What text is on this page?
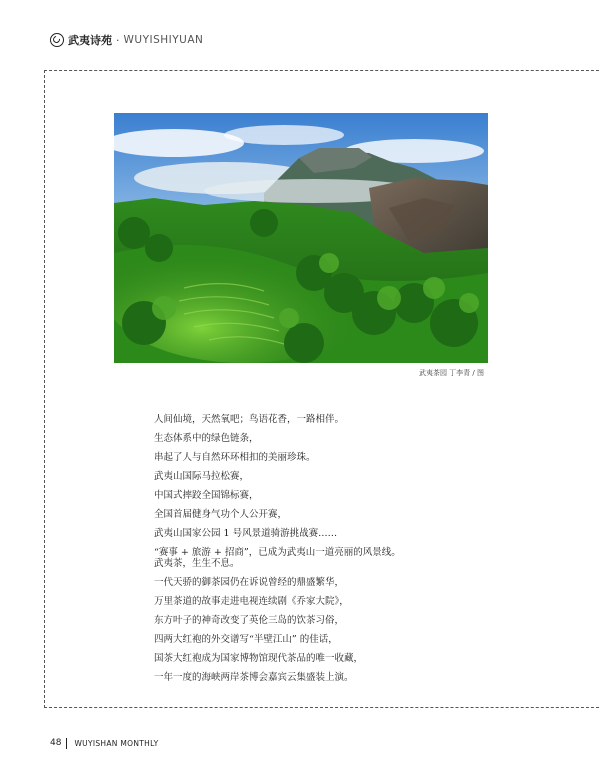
武夷诗苑 · WUYISHIYUAN
武夷茶园 丁李青 / 图
人间仙境，天然氧吧；鸟语花香，一路相伴。
生态体系中的绿色链条，
串起了人与自然环环相扣的美丽珍珠。
武夷山国际马拉松赛，
中国式摔跤全国锦标赛，
全国首届健身气功个人公开赛，
武夷山国家公园 1 号风景道骑游挑战赛……
“赛事 + 旅游 + 招商”，已成为武夷山一道亮丽的风景线。
武夷茶，生生不息。
一代天骄的御茶园仍在诉说曾经的鼎盛繁华，
万里茶道的故事走进电视连续剧《乔家大院》，
东方叶子的神奇改变了英伦三岛的饮茶习俗，
四两大红袍的外交谱写“半壁江山” 的佳话，
国茶大红袍成为国家博物馆现代茶品的唯一收藏，
一年一度的海峡两岸茶博会嘉宾云集盛装上演。
48 WUYISHAN MONTHLY
